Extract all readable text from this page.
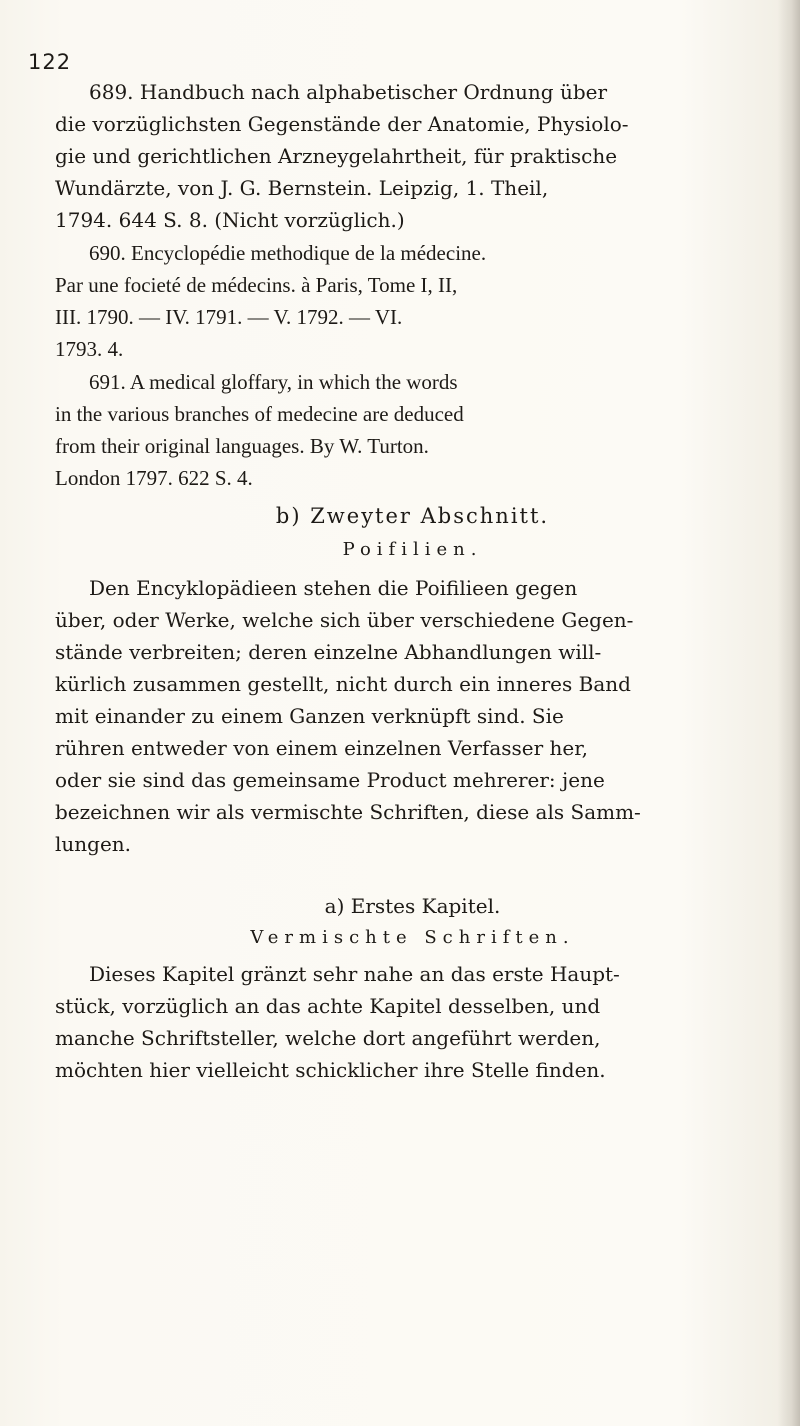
122
689. Handbuch nach alphabetischer Ordnung über
die vorzüglichsten Gegenstände der Anatomie, Physiolo-
gie und gerichtlichen Arzneygelahrtheit, für praktische
Wundärzte, von J. G. Bernstein. Leipzig, 1. Theil,
1794. 644 S. 8. (Nicht vorzüglich.)
690. Encyclopédie methodique de la médecine.
Par une focieté de médecins. à Paris, Tome I, II,
III. 1790. — IV. 1791. — V. 1792. — VI.
1793. 4.
691. A medical gloffary, in which the words
in the various branches of medecine are deduced
from their original languages. By W. Turton.
London 1797. 622 S. 4.
b) Zweyter Abschnitt.
Poifilien.
Den Encyklopädieen stehen die Poifilieen gegen
über, oder Werke, welche sich über verschiedene Gegen-
stände verbreiten; deren einzelne Abhandlungen will-
kürlich zusammen gestellt, nicht durch ein inneres Band
mit einander zu einem Ganzen verknüpft sind. Sie
rühren entweder von einem einzelnen Verfasser her,
oder sie sind das gemeinsame Product mehrerer: jene
bezeichnen wir als vermischte Schriften, diese als Samm-
lungen.
a) Erstes Kapitel.
Vermischte Schriften.
Dieses Kapitel gränzt sehr nahe an das erste Haupt-
stück, vorzüglich an das achte Kapitel desselben, und
manche Schriftsteller, welche dort angeführt werden,
möchten hier vielleicht schicklicher ihre Stelle finden.
